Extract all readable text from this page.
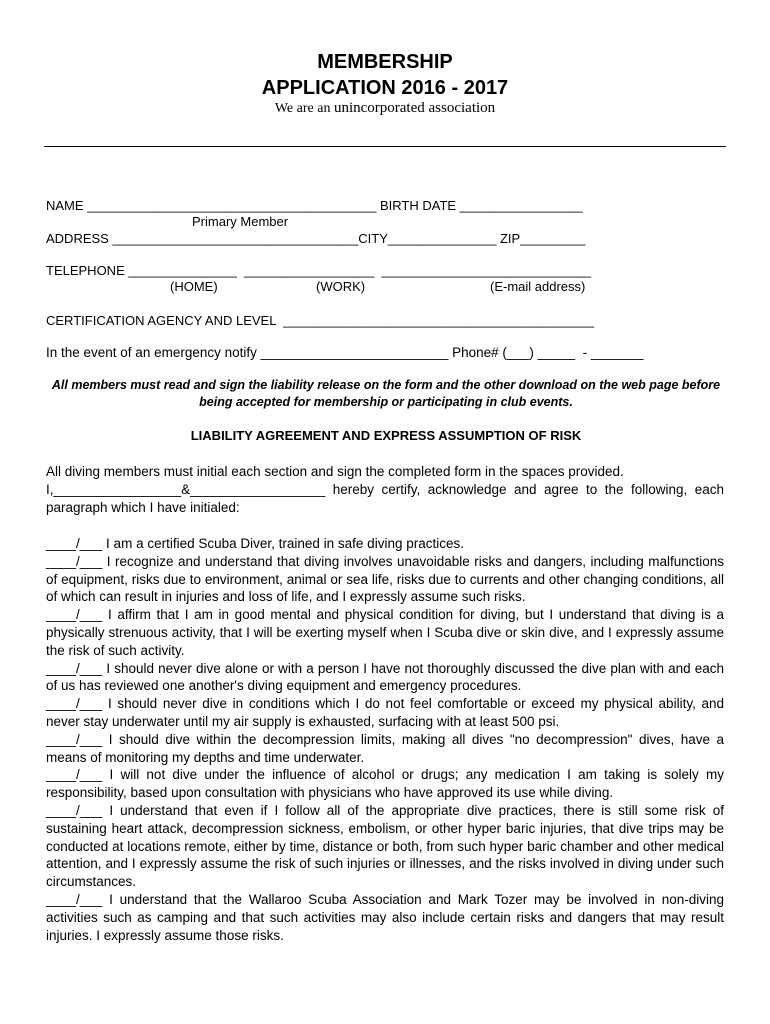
MEMBERSHIP
APPLICATION 2016 - 2017
We are an unincorporated association
NAME ________________________________________ BIRTH DATE _________________
Primary Member
ADDRESS __________________________________CITY_______________ ZIP_________
TELEPHONE _______________  __________________  _____________________________
(HOME)	(WORK)	(E-mail address)
CERTIFICATION AGENCY AND LEVEL  ___________________________________________
In the event of an emergency notify _________________________ Phone# (___) _____  - _______
All members must read and sign the liability release on the form and the other download on the web page before being accepted for membership or participating in club events.
LIABILITY AGREEMENT AND EXPRESS ASSUMPTION OF RISK
All diving members must initial each section and sign the completed form in the spaces provided.
I,_________________&__________________ hereby certify, acknowledge and agree to the following, each paragraph which I have initialed:

____/___ I am a certified Scuba Diver, trained in safe diving practices.

____/___ I recognize and understand that diving involves unavoidable risks and dangers, including malfunctions of equipment, risks due to environment, animal or sea life, risks due to currents and other changing conditions, all of which can result in injuries and loss of life, and I expressly assume such risks.

____/___ I affirm that I am in good mental and physical condition for diving, but I understand that diving is a physically strenuous activity, that I will be exerting myself when I Scuba dive or skin dive, and I expressly assume the risk of such activity.

____/___ I should never dive alone or with a person I have not thoroughly discussed the dive plan with and each of us has reviewed one another's diving equipment and emergency procedures.

____/___ I should never dive in conditions which I do not feel comfortable or exceed my physical ability, and never stay underwater until my air supply is exhausted, surfacing with at least 500 psi.

____/___ I should dive within the decompression limits, making all dives "no decompression" dives, have a means of monitoring my depths and time underwater.

____/___ I will not dive under the influence of alcohol or drugs; any medication I am taking is solely my responsibility, based upon consultation with physicians who have approved its use while diving.

____/___ I understand that even if I follow all of the appropriate dive practices, there is still some risk of sustaining heart attack, decompression sickness, embolism, or other hyper baric injuries, that dive trips may be conducted at locations remote, either by time, distance or both, from such hyper baric chamber and other medical attention, and I expressly assume the risk of such injuries or illnesses, and the risks involved in diving under such circumstances.

____/___ I understand that the Wallaroo Scuba Association and Mark Tozer may be involved in non-diving activities such as camping and that such activities may also include certain risks and dangers that may result injuries. I expressly assume those risks.
